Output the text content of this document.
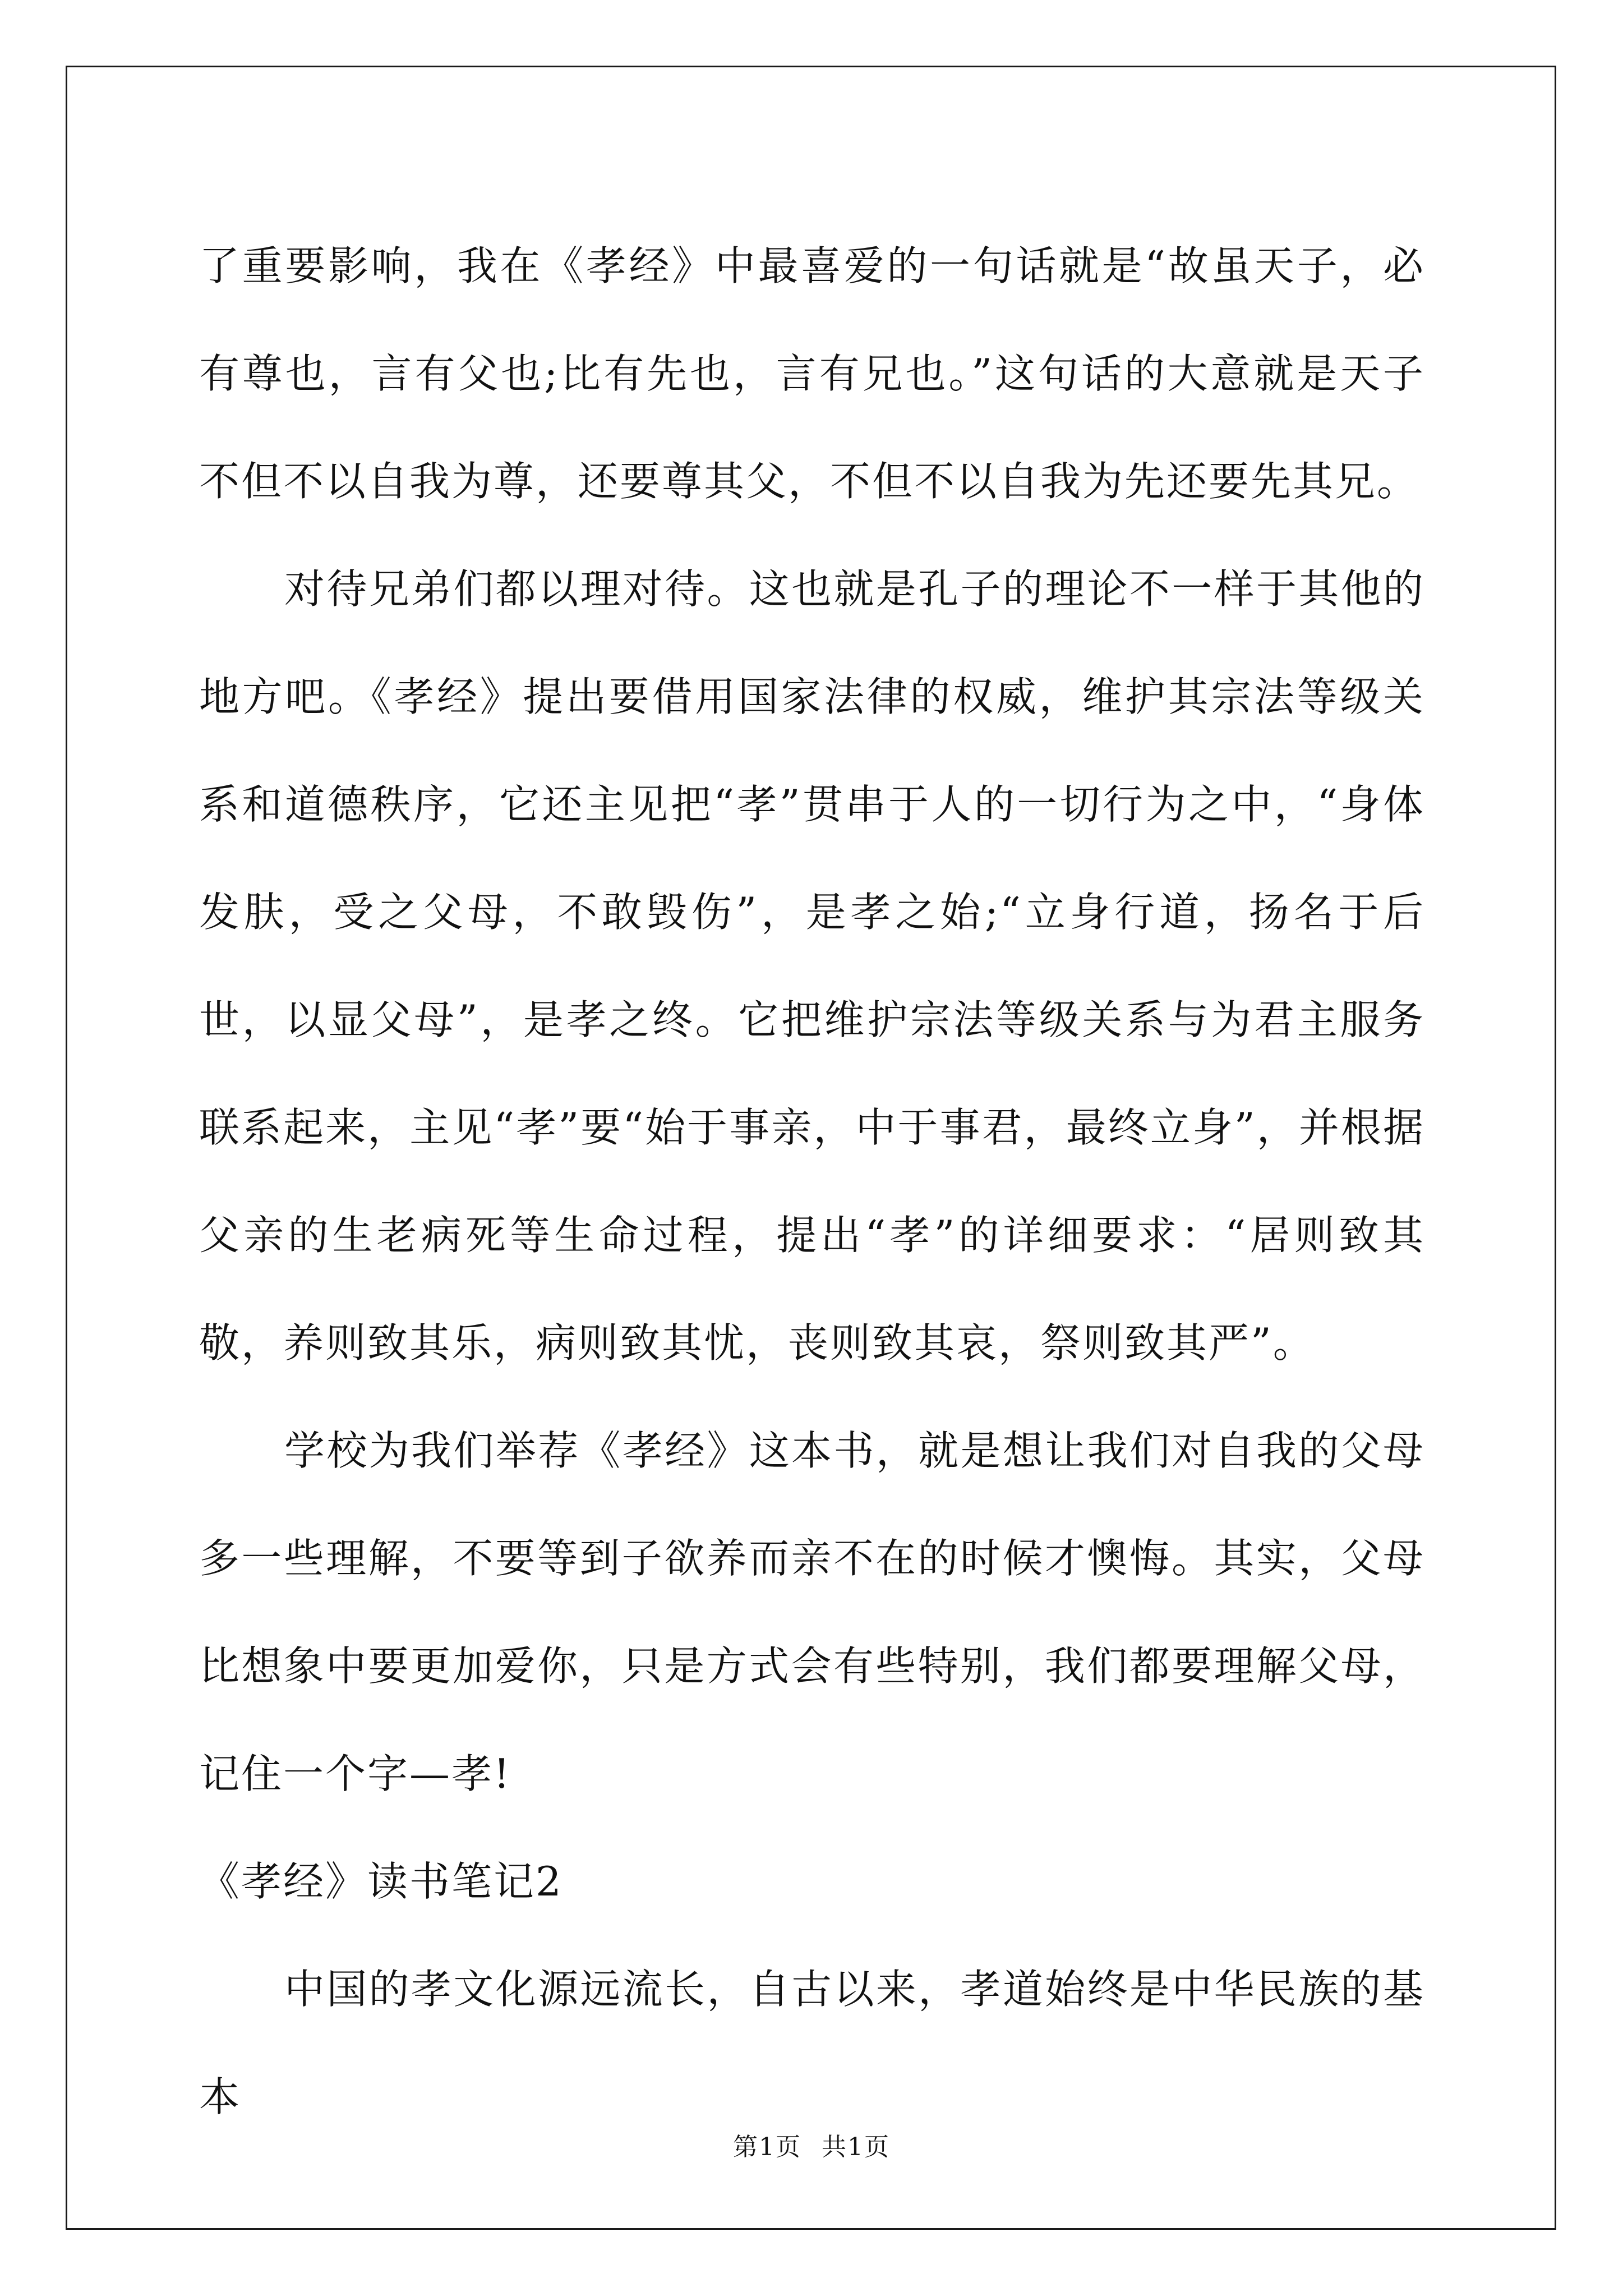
了重要影响，我在《孝经》中最喜爱的一句话就是“故虽天子，必有尊也，言有父也;比有先也，言有兄也。”这句话的大意就是天子不但不以自我为尊，还要尊其父，不但不以自我为先还要先其兄。

对待兄弟们都以理对待。这也就是孔子的理论不一样于其他的地方吧。《孝经》提出要借用国家法律的权威，维护其宗法等级关系和道德秩序，它还主见把“孝”贯串于人的一切行为之中，“身体发肤，受之父母，不敢毁伤”，是孝之始;“立身行道，扬名于后世，以显父母”，是孝之终。它把维护宗法等级关系与为君主服务联系起来，主见“孝”要“始于事亲，中于事君，最终立身”，并根据父亲的生老病死等生命过程，提出“孝”的详细要求：“居则致其敬，养则致其乐，病则致其忧，丧则致其哀，祭则致其严”。

学校为我们举荐《孝经》这本书，就是想让我们对自我的父母多一些理解，不要等到子欲养而亲不在的时候才懊悔。其实，父母比想象中要更加爱你，只是方式会有些特别，我们都要理解父母，记住一个字—孝!

《孝经》读书笔记2

中国的孝文化源远流长，自古以来，孝道始终是中华民族的基本

第1页 共1页
